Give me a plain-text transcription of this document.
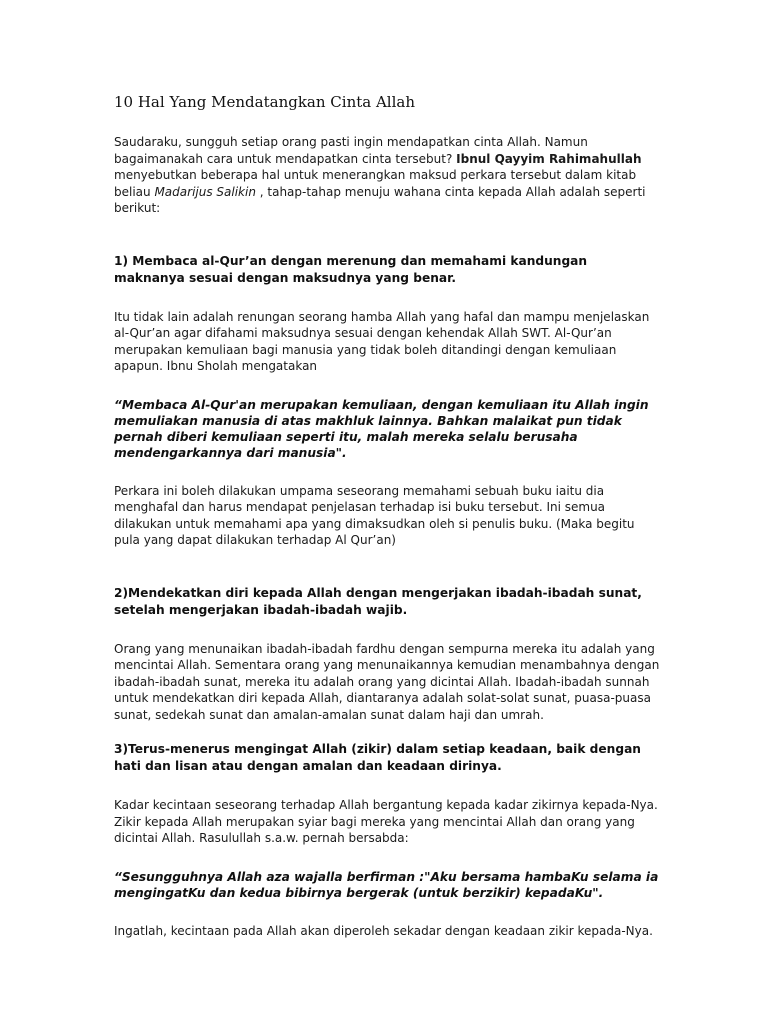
10 Hal Yang Mendatangkan Cinta Allah

Saudaraku, sungguh setiap orang pasti ingin mendapatkan cinta Allah. Namun bagaimanakah cara untuk mendapatkan cinta tersebut? Ibnul Qayyim Rahimahullah menyebutkan beberapa hal untuk menerangkan maksud perkara tersebut dalam kitab beliau Madarijus Salikin , tahap-tahap menuju wahana cinta kepada Allah adalah seperti berikut:

1) Membaca al-Qur’an dengan merenung dan memahami kandungan maknanya sesuai dengan maksudnya yang benar.

Itu tidak lain adalah renungan seorang hamba Allah yang hafal dan mampu menjelaskan al-Qur’an agar difahami maksudnya sesuai dengan kehendak Allah SWT. Al-Qur’an merupakan kemuliaan bagi manusia yang tidak boleh ditandingi dengan kemuliaan apapun. Ibnu Sholah mengatakan

“Membaca Al-Qur'an merupakan kemuliaan, dengan kemuliaan itu Allah ingin memuliakan manusia di atas makhluk lainnya. Bahkan malaikat pun tidak pernah diberi kemuliaan seperti itu, malah mereka selalu berusaha mendengarkannya dari manusia".

Perkara ini boleh dilakukan umpama seseorang memahami sebuah buku iaitu dia menghafal dan harus mendapat penjelasan terhadap isi buku tersebut. Ini semua dilakukan untuk memahami apa yang dimaksudkan oleh si penulis buku. (Maka begitu pula yang dapat dilakukan terhadap Al Qur’an)

2)Mendekatkan diri kepada Allah dengan mengerjakan ibadah-ibadah sunat, setelah mengerjakan ibadah-ibadah wajib.

Orang yang menunaikan ibadah-ibadah fardhu dengan sempurna mereka itu adalah yang mencintai Allah. Sementara orang yang menunaikannya kemudian menambahnya dengan ibadah-ibadah sunat, mereka itu adalah orang yang dicintai Allah. Ibadah-ibadah sunnah untuk mendekatkan diri kepada Allah, diantaranya adalah solat-solat sunat, puasa-puasa sunat, sedekah sunat dan amalan-amalan sunat dalam haji dan umrah.

3)Terus-menerus mengingat Allah (zikir) dalam setiap keadaan, baik dengan hati dan lisan atau dengan amalan dan keadaan dirinya.

Kadar kecintaan seseorang terhadap Allah bergantung kepada kadar zikirnya kepada-Nya. Zikir kepada Allah merupakan syiar bagi mereka yang mencintai Allah dan orang yang dicintai Allah. Rasulullah s.a.w. pernah bersabda:

“Sesungguhnya Allah aza wajalla berfirman :"Aku bersama hambaKu selama ia mengingatKu dan kedua bibirnya bergerak (untuk berzikir) kepadaKu".

Ingatlah, kecintaan pada Allah akan diperoleh sekadar dengan keadaan zikir kepada-Nya.
